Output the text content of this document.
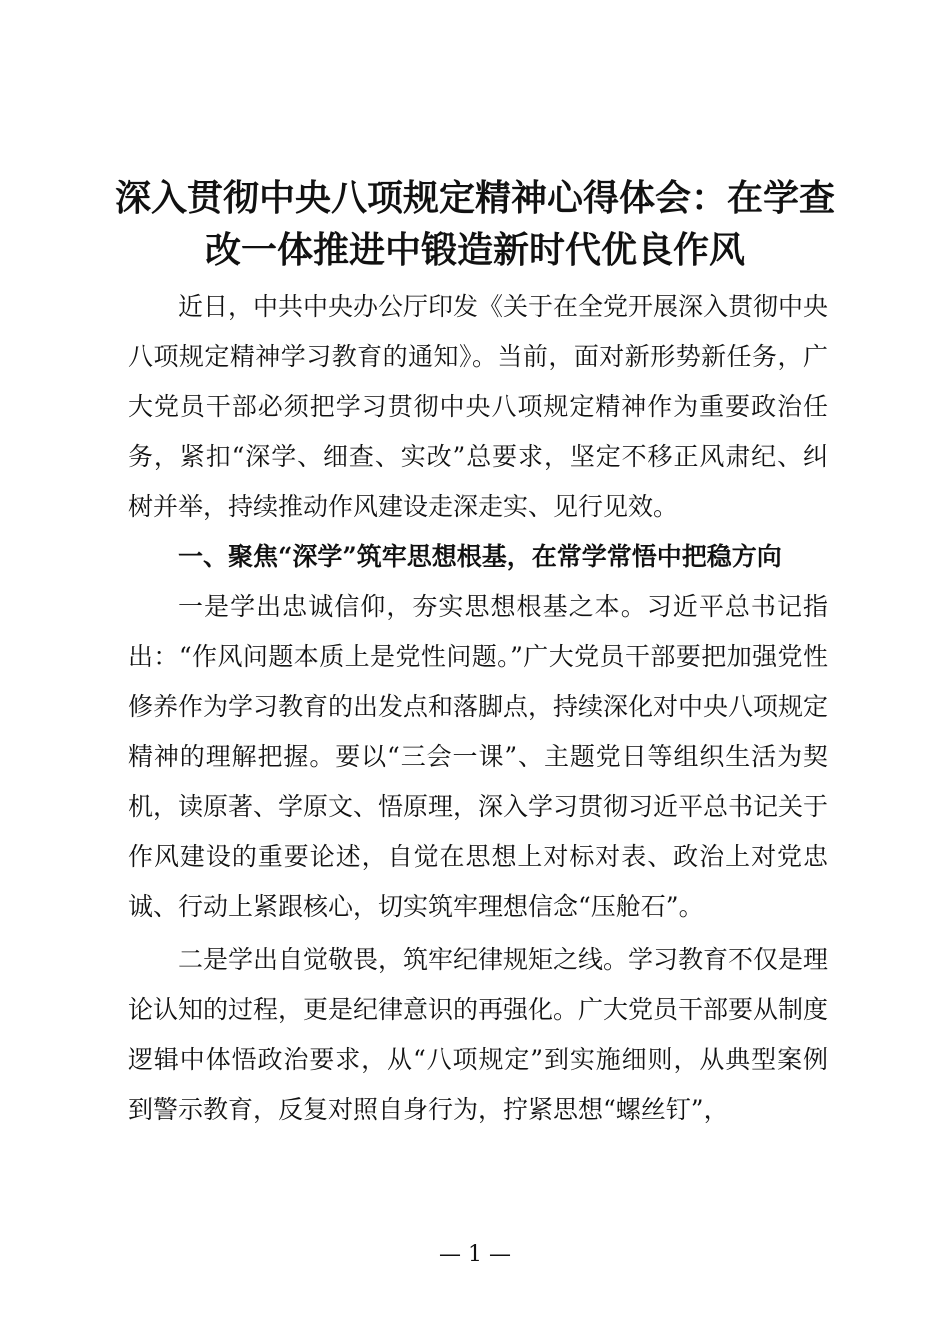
深入贯彻中央八项规定精神心得体会：在学查
改一体推进中锻造新时代优良作风

近日，中共中央办公厅印发《关于在全党开展深入贯彻中央八项规定精神学习教育的通知》。当前，面对新形势新任务，广大党员干部必须把学习贯彻中央八项规定精神作为重要政治任务，紧扣“深学、细查、实改”总要求，坚定不移正风肃纪、纠树并举，持续推动作风建设走深走实、见行见效。

一、聚焦“深学”筑牢思想根基，在常学常悟中把稳方向

一是学出忠诚信仰，夯实思想根基之本。习近平总书记指出：“作风问题本质上是党性问题。”广大党员干部要把加强党性修养作为学习教育的出发点和落脚点，持续深化对中央八项规定精神的理解把握。要以“三会一课”、主题党日等组织生活为契机，读原著、学原文、悟原理，深入学习贯彻习近平总书记关于作风建设的重要论述，自觉在思想上对标对表、政治上对党忠诚、行动上紧跟核心，切实筑牢理想信念“压舱石”。

二是学出自觉敬畏，筑牢纪律规矩之线。学习教育不仅是理论认知的过程，更是纪律意识的再强化。广大党员干部要从制度逻辑中体悟政治要求，从“八项规定”到实施细则，从典型案例到警示教育，反复对照自身行为，拧紧思想“螺丝钉”，

— 1 —
